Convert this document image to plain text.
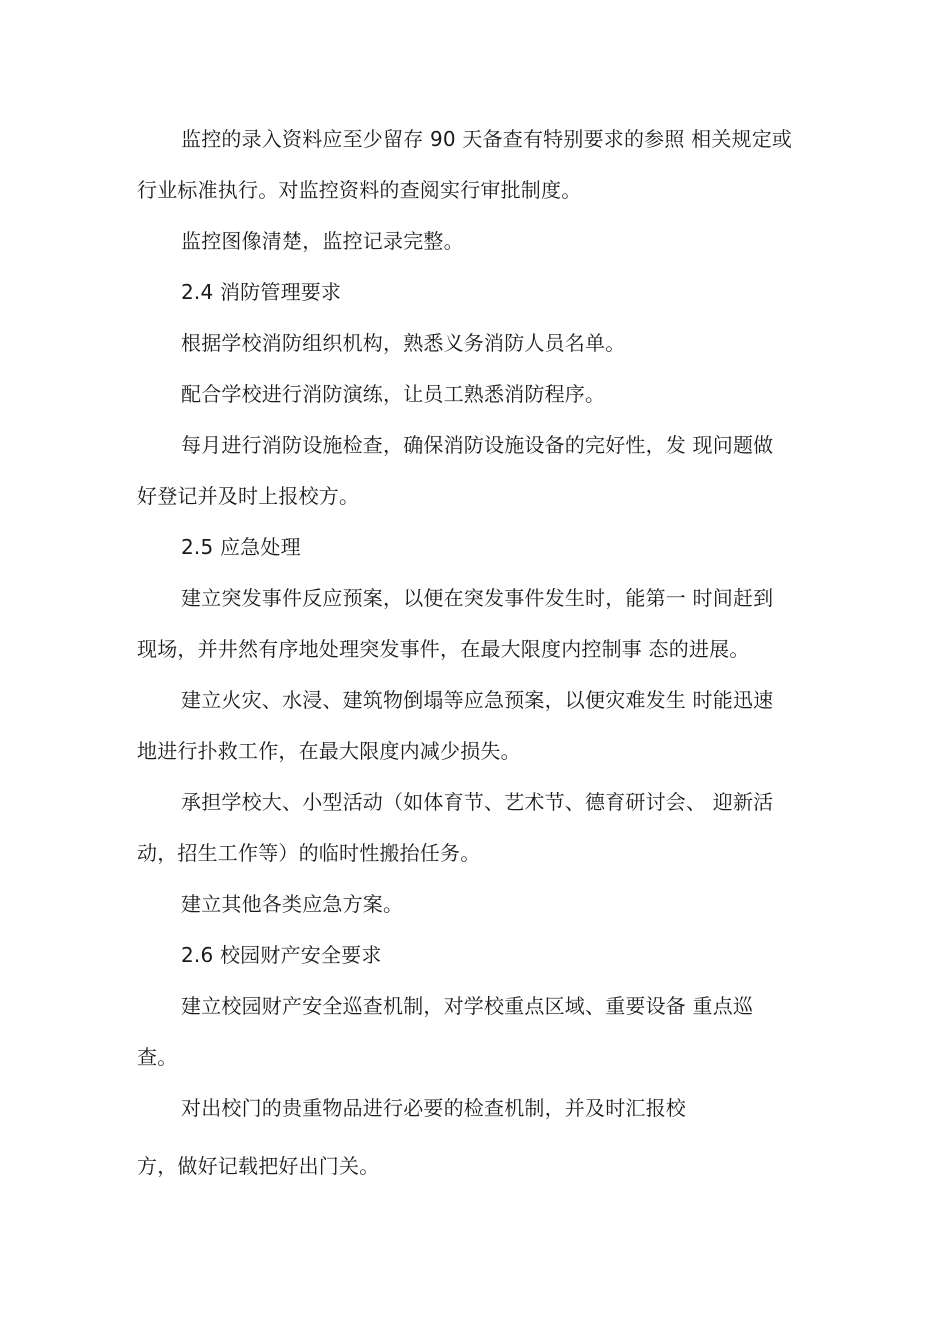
监控的录入资料应至少留存 90 天备查有特别要求的参照 相关规定或
行业标准执行。对监控资料的查阅实行审批制度。
监控图像清楚，监控记录完整。
2.4 消防管理要求
根据学校消防组织机构，熟悉义务消防人员名单。
配合学校进行消防演练，让员工熟悉消防程序。
每月进行消防设施检查，确保消防设施设备的完好性，发 现问题做
好登记并及时上报校方。
2.5 应急处理
建立突发事件反应预案，以便在突发事件发生时，能第一 时间赶到
现场，并井然有序地处理突发事件，在最大限度内控制事 态的进展。
建立火灾、水浸、建筑物倒塌等应急预案，以便灾难发生 时能迅速
地进行扑救工作，在最大限度内减少损失。
承担学校大、小型活动（如体育节、艺术节、德育研讨会、 迎新活
动，招生工作等）的临时性搬抬任务。
建立其他各类应急方案。
2.6 校园财产安全要求
建立校园财产安全巡查机制，对学校重点区域、重要设备 重点巡
查。
对出校门的贵重物品进行必要的检查机制，并及时汇报校
方，做好记载把好出门关。
